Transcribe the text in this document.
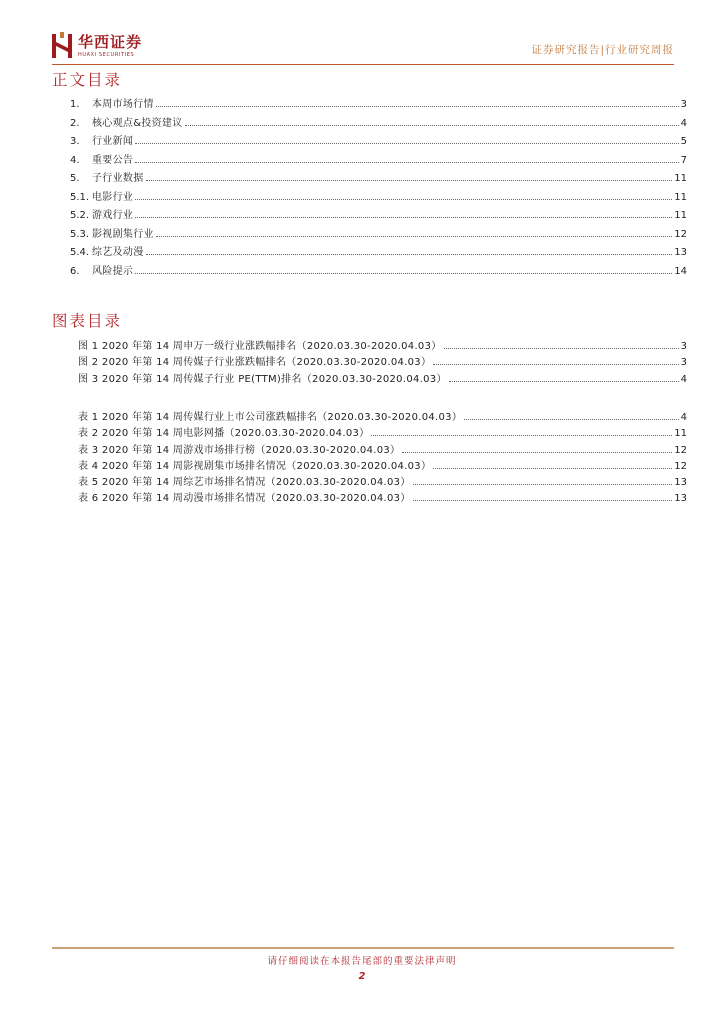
华西证券
HUAXI SECURITIES	证券研究报告|行业研究周报
正文目录
1.	本周市场行情	3
2.	核心观点&投资建议	4
3.	行业新闻	5
4.	重要公告	7
5.	子行业数据	11
5.1. 电影行业	11
5.2. 游戏行业	11
5.3. 影视剧集行业	12
5.4. 综艺及动漫	13
6.	风险提示	14
图表目录
图 1 2020 年第 14 周申万一级行业涨跌幅排名（2020.03.30-2020.04.03）	3
图 2 2020 年第 14 周传媒子行业涨跌幅排名（2020.03.30-2020.04.03）	3
图 3 2020 年第 14 周传媒子行业 PE(TTM)排名（2020.03.30-2020.04.03）	4
表 1 2020 年第 14 周传媒行业上市公司涨跌幅排名（2020.03.30-2020.04.03）	4
表 2 2020 年第 14 周电影网播（2020.03.30-2020.04.03）	11
表 3 2020 年第 14 周游戏市场排行榜（2020.03.30-2020.04.03）	12
表 4 2020 年第 14 周影视剧集市场排名情况（2020.03.30-2020.04.03）	12
表 5 2020 年第 14 周综艺市场排名情况（2020.03.30-2020.04.03）	13
表 6 2020 年第 14 周动漫市场排名情况（2020.03.30-2020.04.03）	13
请仔细阅读在本报告尾部的重要法律声明
2
